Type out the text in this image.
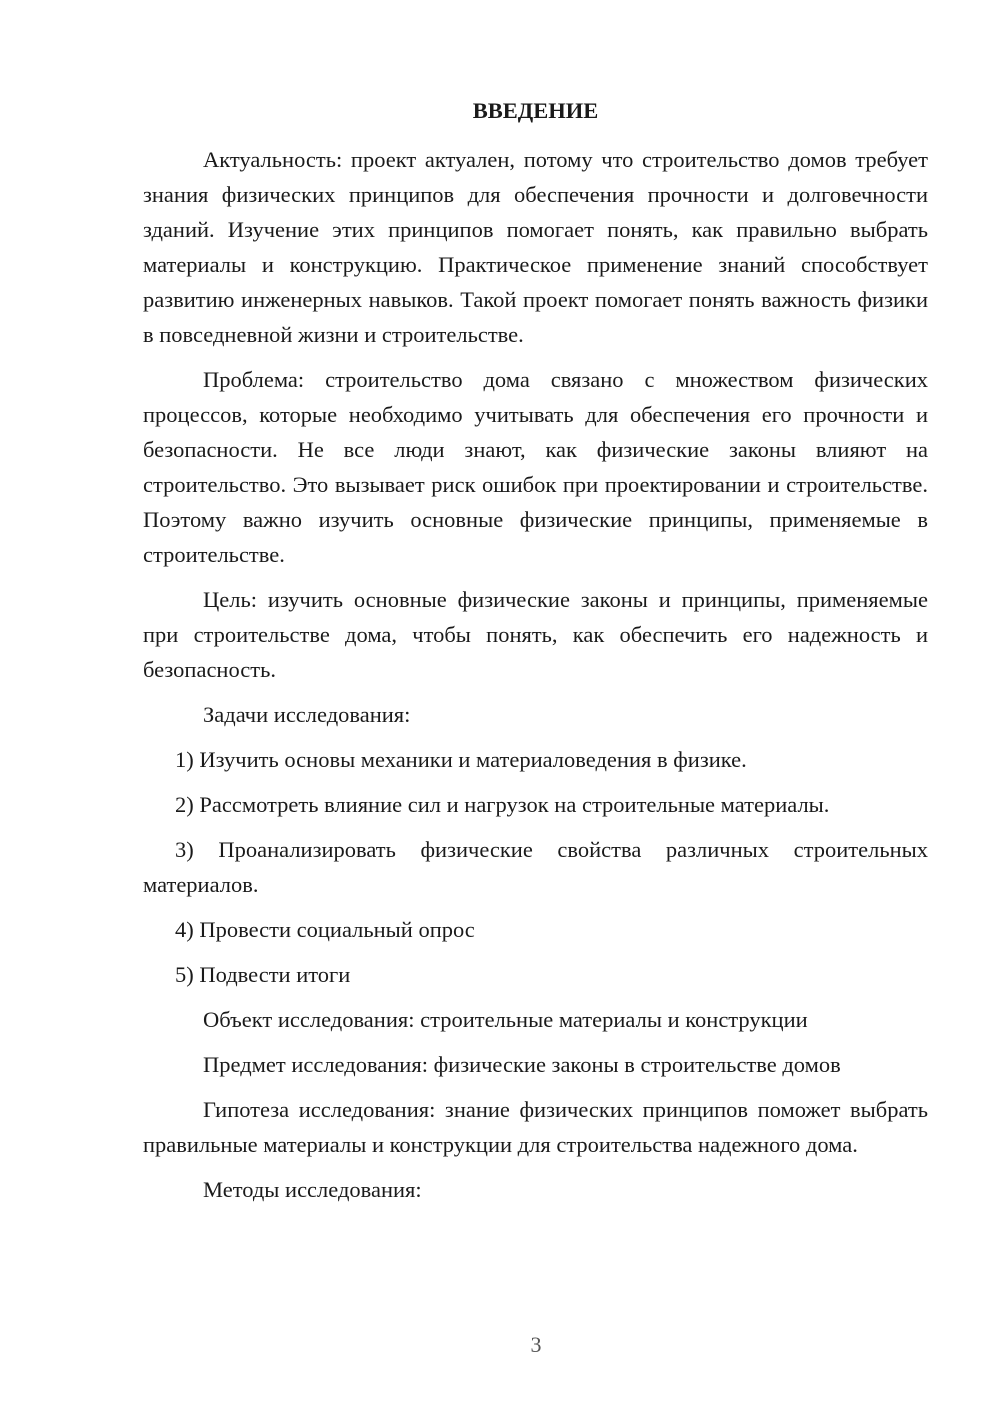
ВВЕДЕНИЕ

Актуальность: проект актуален, потому что строительство домов требует знания физических принципов для обеспечения прочности и долговечности зданий. Изучение этих принципов помогает понять, как правильно выбрать материалы и конструкцию. Практическое применение знаний способствует развитию инженерных навыков. Такой проект помогает понять важность физики в повседневной жизни и строительстве.

Проблема: строительство дома связано с множеством физических процессов, которые необходимо учитывать для обеспечения его прочности и безопасности. Не все люди знают, как физические законы влияют на строительство. Это вызывает риск ошибок при проектировании и строительстве. Поэтому важно изучить основные физические принципы, применяемые в строительстве.

Цель: изучить основные физические законы и принципы, применяемые при строительстве дома, чтобы понять, как обеспечить его надежность и безопасность.

Задачи исследования:

1) Изучить основы механики и материаловедения в физике.

2) Рассмотреть влияние сил и нагрузок на строительные материалы.

3) Проанализировать физические свойства различных строительных материалов.

4) Провести социальный опрос

5) Подвести итоги

Объект исследования: строительные материалы и конструкции

Предмет исследования: физические законы в строительстве домов

Гипотеза исследования: знание физических принципов поможет выбрать правильные материалы и конструкции для строительства надежного дома.

Методы исследования:

3
